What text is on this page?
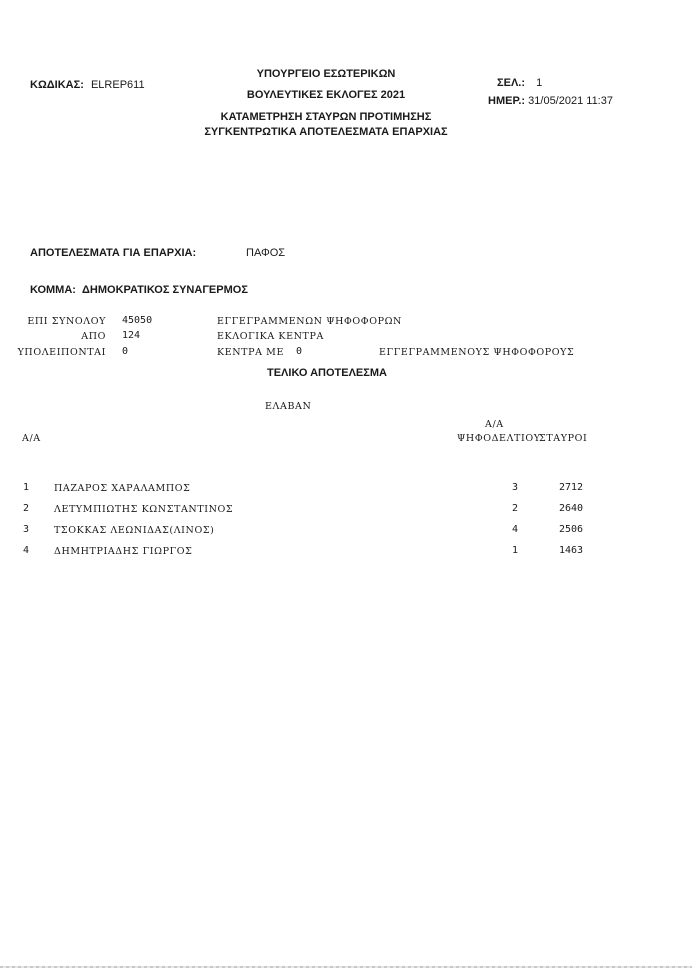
ΚΩΔΙΚΑΣ: ELREP611
ΥΠΟΥΡΓΕΙΟ ΕΣΩΤΕΡΙΚΩΝ
ΒΟΥΛΕΥΤΙΚΕΣ ΕΚΛΟΓΕΣ 2021
ΚΑΤΑΜΕΤΡΗΣΗ ΣΤΑΥΡΩΝ ΠΡΟΤΙΜΗΣΗΣ
ΣΥΓΚΕΝΤΡΩΤΙΚΑ ΑΠΟΤΕΛΕΣΜΑΤΑ ΕΠΑΡΧΙΑΣ
ΣΕΛ.: 1
ΗΜΕΡ.: 31/05/2021 11:37
ΑΠΟΤΕΛΕΣΜΑΤΑ ΓΙΑ ΕΠΑΡΧΙΑ:	ΠΑΦΟΣ
ΚΟΜΜΑ: ΔΗΜΟΚΡΑΤΙΚΟΣ ΣΥΝΑΓΕΡΜΟΣ
ΕΠΙ ΣΥΝΟΛΟΥ 45050	ΕΓΓΕΓΡΑΜΜΕΝΩΝ ΨΗΦΟΦΟΡΩΝ
ΑΠΟ 124	ΕΚΛΟΓΙΚΑ ΚΕΝΤΡΑ
ΥΠΟΛΕΙΠΟΝΤΑΙ 0	ΚΕΝΤΡΑ ΜΕ 0	ΕΓΓΕΓΡΑΜΜΕΝΟΥΣ ΨΗΦΟΦΟΡΟΥΣ
ΤΕΛΙΚΟ ΑΠΟΤΕΛΕΣΜΑ
ΕΛΑΒΑΝ
Α/Α
Α/Α
ΨΗΦΟΔΕΛΤΙΟΥ
ΣΤΑΥΡΟΙ
1	ΠΑΖΑΡΟΣ ΧΑΡΑΛΑΜΠΟΣ	3	2712
2	ΛΕΤΥΜΠΙΩΤΗΣ ΚΩΝΣΤΑΝΤΙΝΟΣ	2	2640
3	ΤΣΟΚΚΑΣ ΛΕΩΝΙΔΑΣ(ΛΙΝΟΣ)	4	2506
4	ΔΗΜΗΤΡΙΑΔΗΣ ΓΙΩΡΓΟΣ	1	1463
